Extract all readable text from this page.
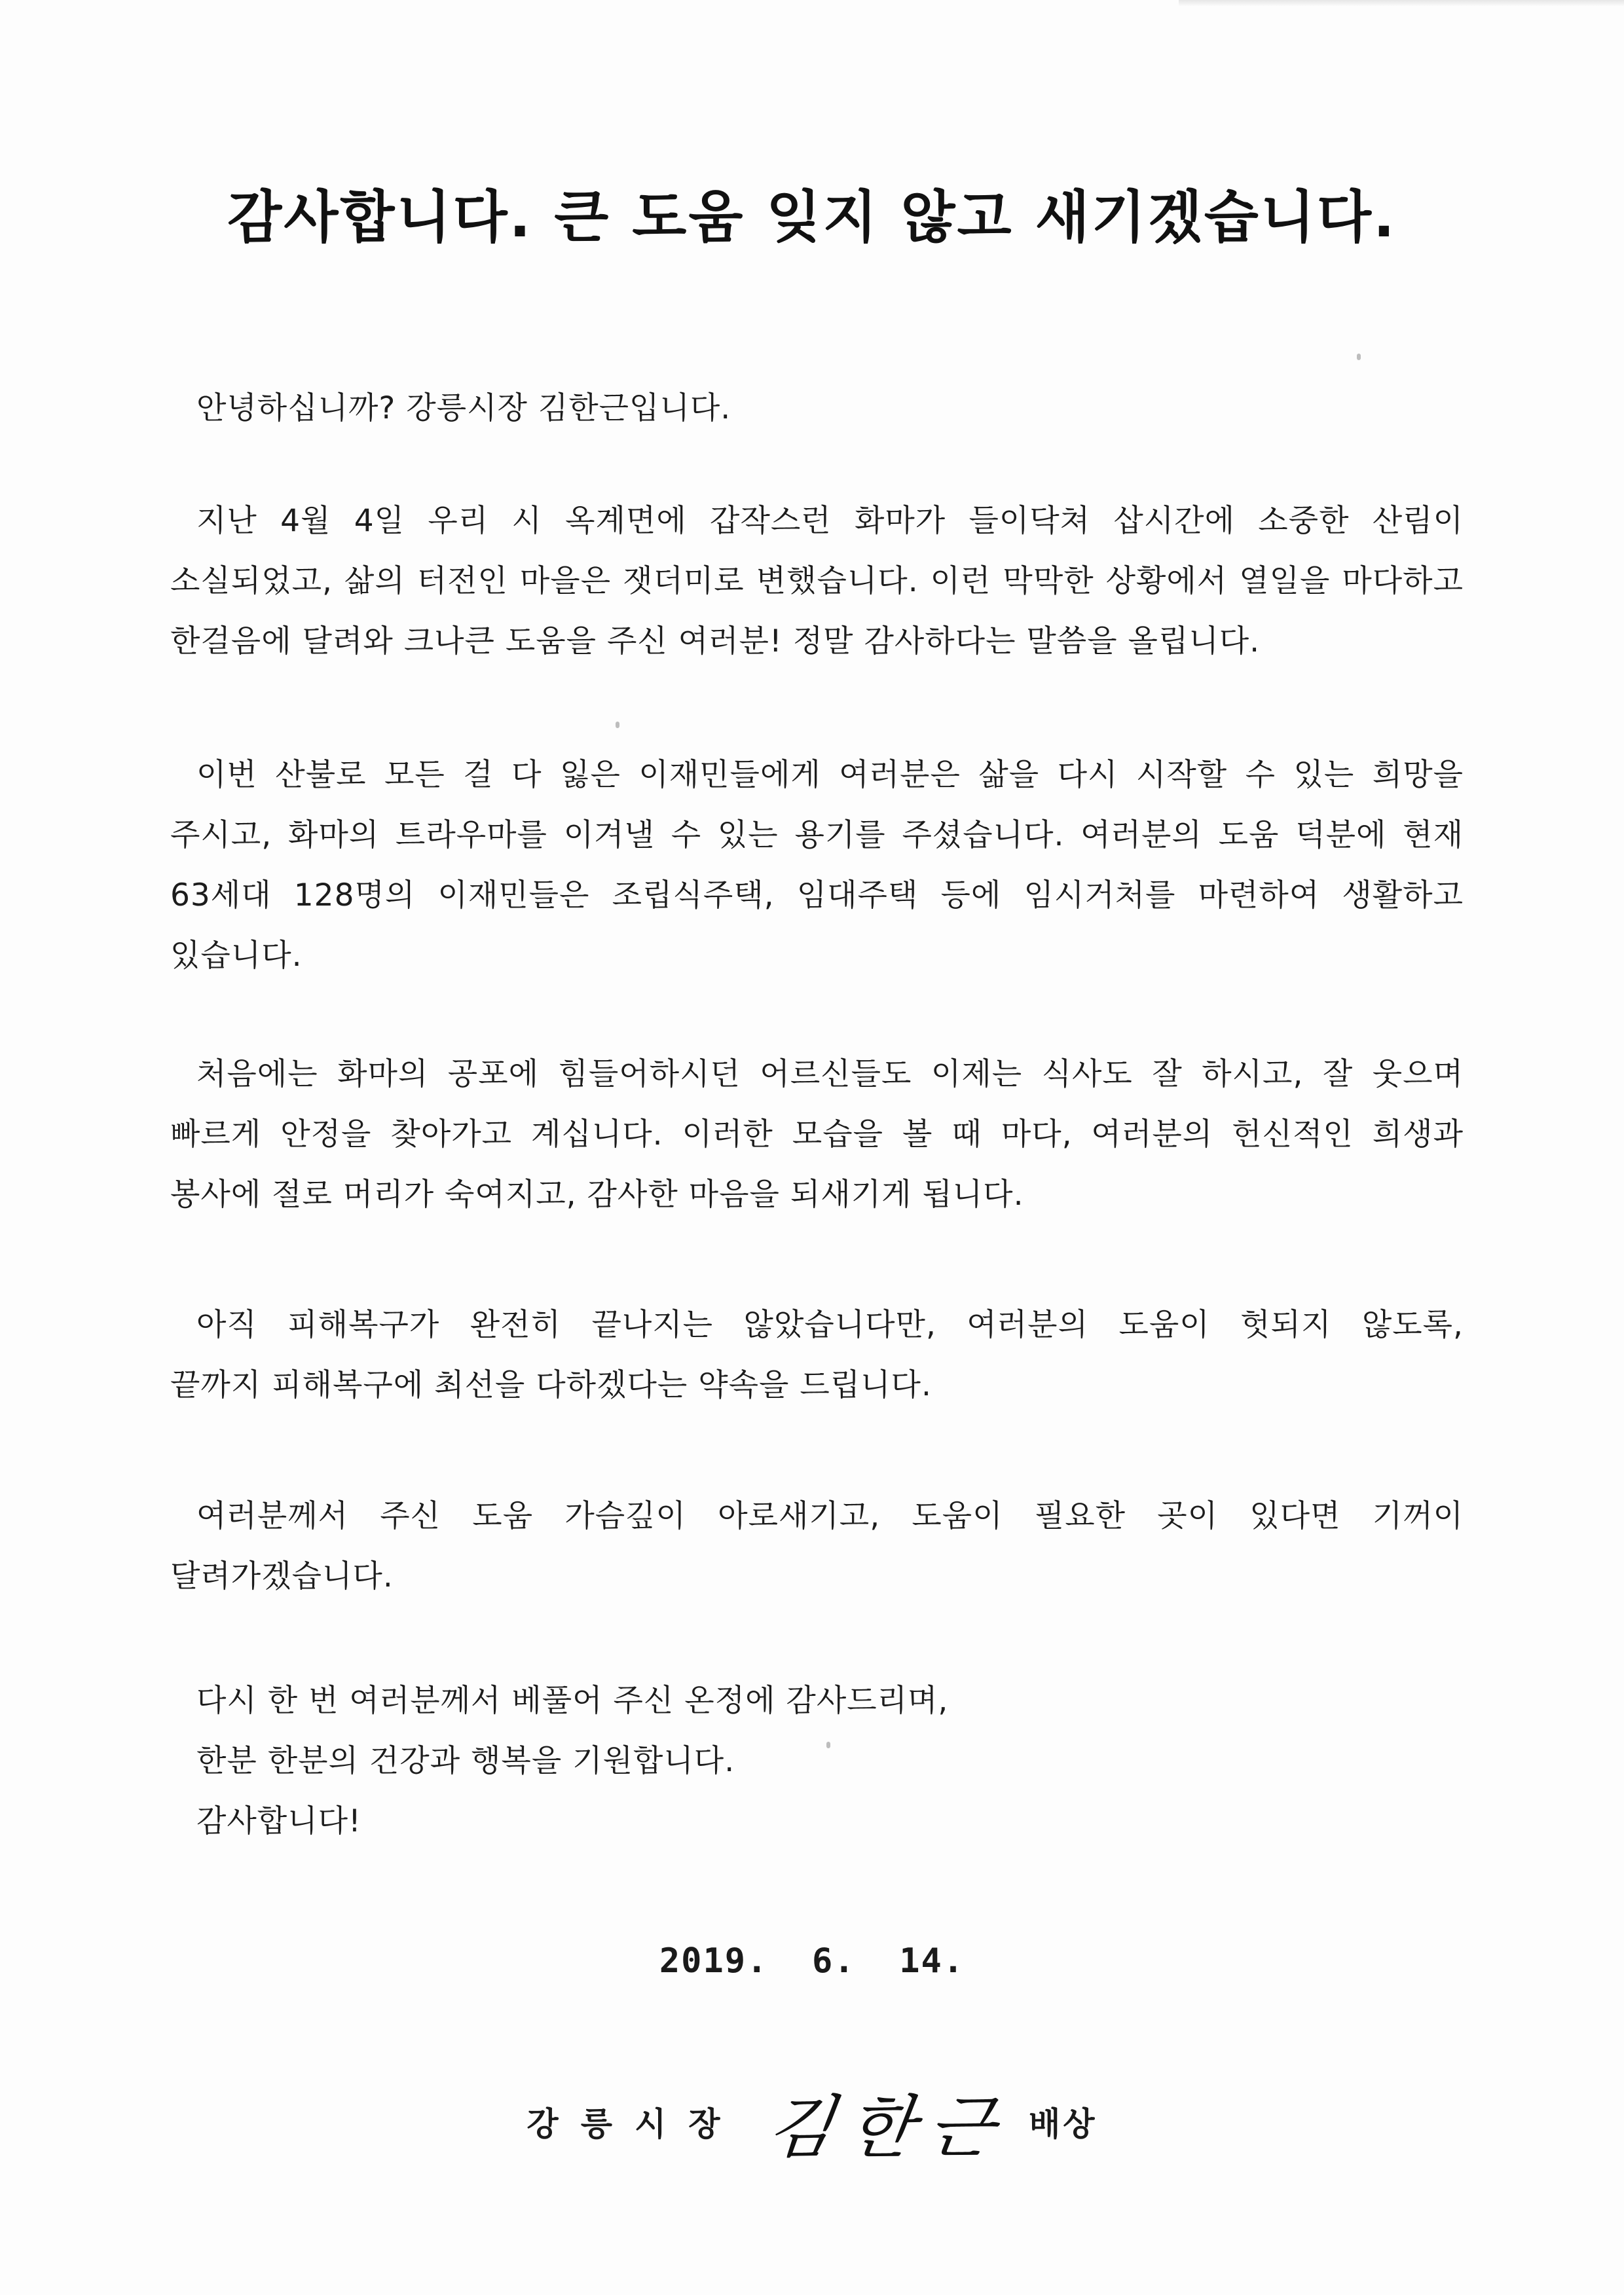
감사합니다. 큰 도움 잊지 않고 새기겠습니다.
안녕하십니까? 강릉시장 김한근입니다.
지난 4월 4일 우리 시 옥계면에 갑작스런 화마가 들이닥쳐 삽시간에 소중한 산림이
소실되었고, 삶의 터전인 마을은 잿더미로 변했습니다. 이런 막막한 상황에서 열일을 마다하고
한걸음에 달려와 크나큰 도움을 주신 여러분! 정말 감사하다는 말씀을 올립니다.
이번 산불로 모든 걸 다 잃은 이재민들에게 여러분은 삶을 다시 시작할 수 있는 희망을
주시고, 화마의 트라우마를 이겨낼 수 있는 용기를 주셨습니다. 여러분의 도움 덕분에 현재
63세대 128명의 이재민들은 조립식주택, 임대주택 등에 임시거처를 마련하여 생활하고
있습니다.
처음에는 화마의 공포에 힘들어하시던 어르신들도 이제는 식사도 잘 하시고, 잘 웃으며
빠르게 안정을 찾아가고 계십니다. 이러한 모습을 볼 때 마다, 여러분의 헌신적인 희생과
봉사에 절로 머리가 숙여지고, 감사한 마음을 되새기게 됩니다.
아직 피해복구가 완전히 끝나지는 않았습니다만, 여러분의 도움이 헛되지 않도록,
끝까지 피해복구에 최선을 다하겠다는 약속을 드립니다.
여러분께서 주신 도움 가슴깊이 아로새기고, 도움이 필요한 곳이 있다면 기꺼이
달려가겠습니다.
다시 한 번 여러분께서 베풀어 주신 온정에 감사드리며,
한분 한분의 건강과 행복을 기원합니다.
감사합니다!
2019.  6.  14.
강릉시장 김한근 배상
